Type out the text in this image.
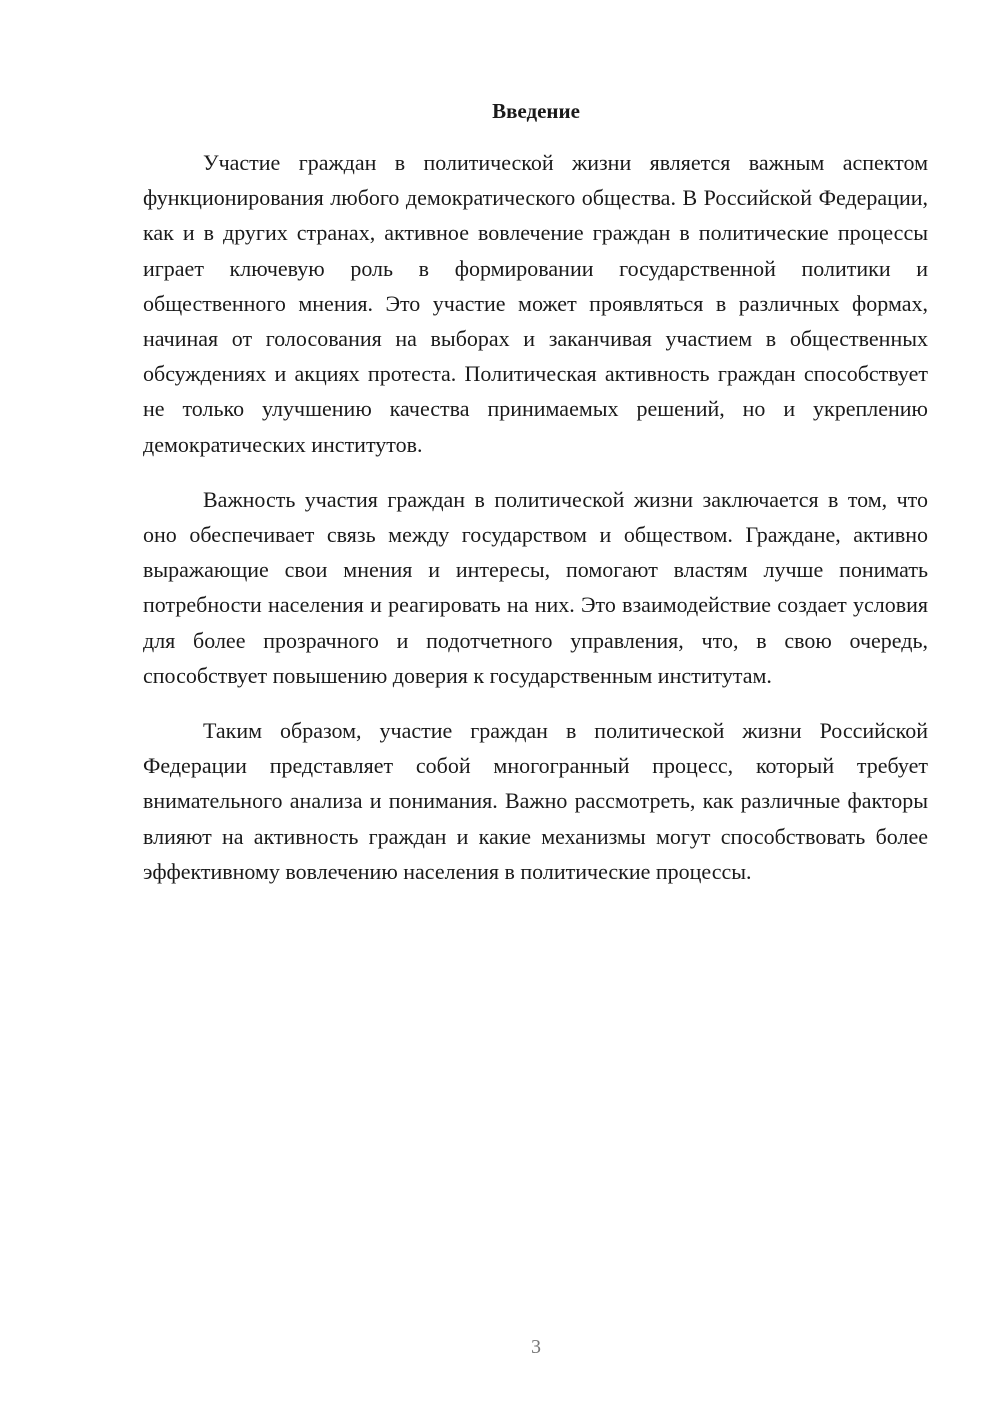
Введение

Участие граждан в политической жизни является важным аспектом функционирования любого демократического общества. В Российской Федерации, как и в других странах, активное вовлечение граждан в политические процессы играет ключевую роль в формировании государственной политики и общественного мнения. Это участие может проявляться в различных формах, начиная от голосования на выборах и заканчивая участием в общественных обсуждениях и акциях протеста. Политическая активность граждан способствует не только улучшению качества принимаемых решений, но и укреплению демократических институтов.

Важность участия граждан в политической жизни заключается в том, что оно обеспечивает связь между государством и обществом. Граждане, активно выражающие свои мнения и интересы, помогают властям лучше понимать потребности населения и реагировать на них. Это взаимодействие создает условия для более прозрачного и подотчетного управления, что, в свою очередь, способствует повышению доверия к государственным институтам.

Таким образом, участие граждан в политической жизни Российской Федерации представляет собой многогранный процесс, который требует внимательного анализа и понимания. Важно рассмотреть, как различные факторы влияют на активность граждан и какие механизмы могут способствовать более эффективному вовлечению населения в политические процессы.

3
